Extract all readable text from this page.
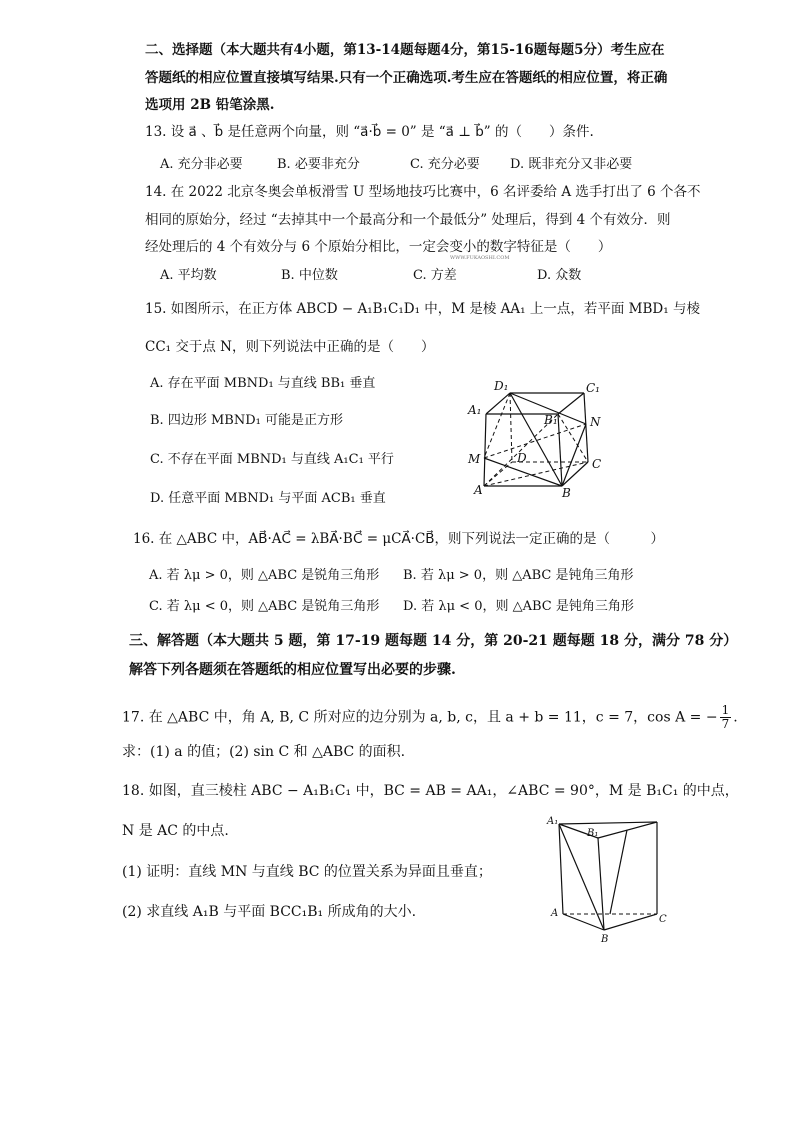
二、选择题（本大题共有4小题，第13-14题每题4分，第15-16题每题5分）考生应在
答题纸的相应位置直接填写结果.只有一个正确选项.考生应在答题纸的相应位置，将正确
选项用 2B 铅笔涂黑.
13. 设 a⃗ 、b⃗ 是任意两个向量，则 “a⃗·b⃗ = 0” 是 “a⃗ ⊥ b⃗” 的（　　）条件.
A. 充分非必要	B. 必要非充分	C. 充分必要 D. 既非充分又非必要
14. 在 2022 北京冬奥会单板滑雪 U 型场地技巧比赛中，6 名评委给 A 选手打出了 6 个各不
相同的原始分，经过 “去掉其中一个最高分和一个最低分” 处理后，得到 4 个有效分．则
经处理后的 4 个有效分与 6 个原始分相比，一定会变小的数字特征是（　　）
WWW.FUKAOSHI.COM
A. 平均数	B. 中位数	C. 方差	D. 众数
15. 如图所示，在正方体 ABCD − A₁B₁C₁D₁ 中，M 是棱 AA₁ 上一点，若平面 MBD₁ 与棱
CC₁ 交于点 N，则下列说法中正确的是（　　）
A. 存在平面 MBND₁ 与直线 BB₁ 垂直
B. 四边形 MBND₁ 可能是正方形
C. 不存在平面 MBND₁ 与直线 A₁C₁ 平行
D. 任意平面 MBND₁ 与平面 ACB₁ 垂直
D₁	C₁
A₁
B₁	N
M	D	C
A	B
16. 在 △ABC 中，AB⃗·AC⃗ = λBA⃗·BC⃗ = μCA⃗·CB⃗，则下列说法一定正确的是（　　　）
A. 若 λμ > 0，则 △ABC 是锐角三角形 B. 若 λμ > 0，则 △ABC 是钝角三角形
C. 若 λμ < 0，则 △ABC 是锐角三角形 D. 若 λμ < 0，则 △ABC 是钝角三角形
三、解答题（本大题共 5 题，第 17-19 题每题 14 分，第 20-21 题每题 18 分，满分 78 分）
解答下列各题须在答题纸的相应位置写出必要的步骤.
17. 在 △ABC 中，角 A, B, C 所对应的边分别为 a, b, c，且 a + b = 11，c = 7，cos A = − $\frac{1}{7}$ .
求：(1) a 的值；(2) sin C 和 △ABC 的面积.
18. 如图，直三棱柱 ABC − A₁B₁C₁ 中，BC = AB = AA₁，∠ABC = 90°，M 是 B₁C₁ 的中点，
N 是 AC 的中点.
(1) 证明：直线 MN 与直线 BC 的位置关系为异面且垂直；
(2) 求直线 A₁B 与平面 BCC₁B₁ 所成角的大小.
A₁
B₁
A
C
B
